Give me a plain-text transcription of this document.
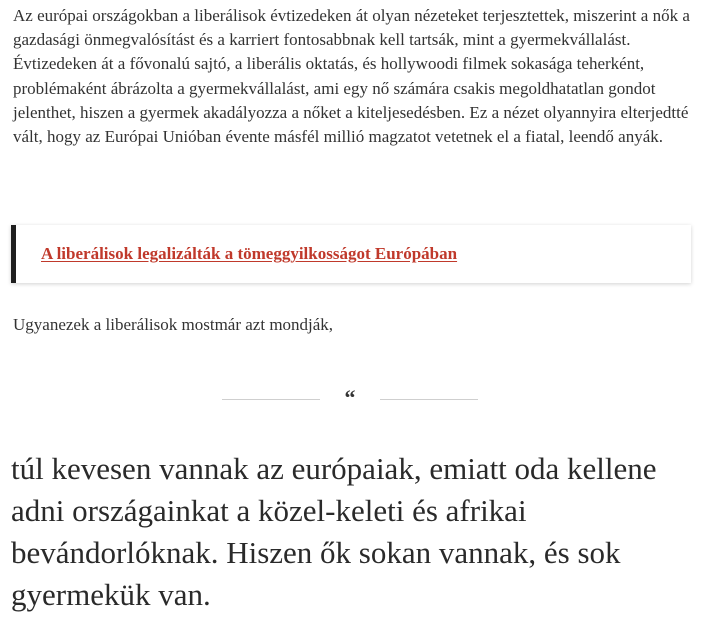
Az európai országokban a liberálisok évtizedeken át olyan nézeteket terjesztettek, miszerint a nők a gazdasági önmegvalósítást és a karriert fontosabbnak kell tartsák, mint a gyermekvállalást. Évtizedeken át a fővonalú sajtó, a liberális oktatás, és hollywoodi filmek sokasága teherként, problémaként ábrázolta a gyermekvállalást, ami egy nő számára csakis megoldhatatlan gondot jelenthet, hiszen a gyermek akadályozza a nőket a kiteljesedésben. Ez a nézet olyannyira elterjedtté vált, hogy az Európai Unióban évente másfél millió magzatot vetetnek el a fiatal, leendő anyák.

A liberálisok legalizálták a tömeggyilkosságot Európában

Ugyanezek a liberálisok mostmár azt mondják,

“

túl kevesen vannak az európaiak, emiatt oda kellene adni országainkat a közel-keleti és afrikai bevándorlóknak. Hiszen ők sokan vannak, és sok gyermekük van.
